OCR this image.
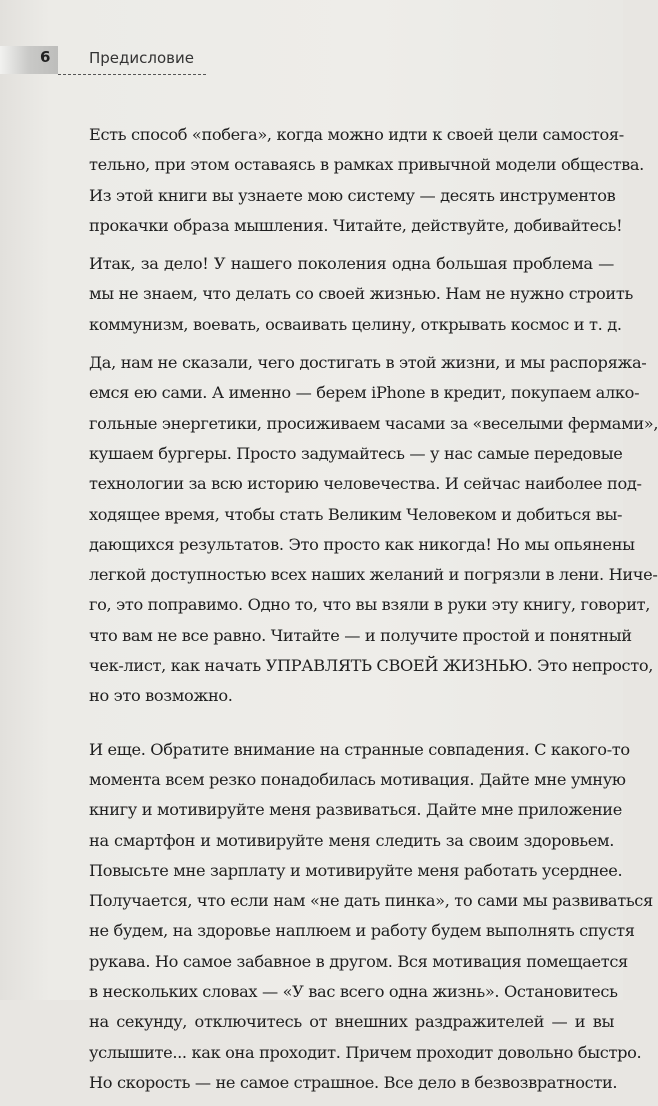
6	Предисловие

Есть способ «побега», когда можно идти к своей цели самостоя-
тельно, при этом оставаясь в рамках привычной модели общества.
Из этой книги вы узнаете мою систему — десять инструментов
прокачки образа мышления. Читайте, действуйте, добивайтесь!

Итак, за дело! У нашего поколения одна большая проблема —
мы не знаем, что делать со своей жизнью. Нам не нужно строить
коммунизм, воевать, осваивать целину, открывать космос и т. д.

Да, нам не сказали, чего достигать в этой жизни, и мы распоряжа-
емся ею сами. А именно — берем iPhone в кредит, покупаем алко-
гольные энергетики, просиживаем часами за «веселыми фермами»,
кушаем бургеры. Просто задумайтесь — у нас самые передовые
технологии за всю историю человечества. И сейчас наиболее под-
ходящее время, чтобы стать Великим Человеком и добиться вы-
дающихся результатов. Это просто как никогда! Но мы опьянены
легкой доступностью всех наших желаний и погрязли в лени. Ниче-
го, это поправимо. Одно то, что вы взяли в руки эту книгу, говорит,
что вам не все равно. Читайте — и получите простой и понятный
чек-лист, как начать УПРАВЛЯТЬ СВОЕЙ ЖИЗНЬЮ. Это непросто,
но это возможно.

И еще. Обратите внимание на странные совпадения. С какого-то
момента всем резко понадобилась мотивация. Дайте мне умную
книгу и мотивируйте меня развиваться. Дайте мне приложение
на смартфон и мотивируйте меня следить за своим здоровьем.
Повысьте мне зарплату и мотивируйте меня работать усерднее.
Получается, что если нам «не дать пинка», то сами мы развиваться
не будем, на здоровье наплюем и работу будем выполнять спустя
рукава. Но самое забавное в другом. Вся мотивация помещается
в нескольких словах — «У вас всего одна жизнь». Остановитесь
на секунду, отключитесь от внешних раздражителей — и вы
услышите... как она проходит. Причем проходит довольно быстро.
Но скорость — не самое страшное. Все дело в безвозвратности.
